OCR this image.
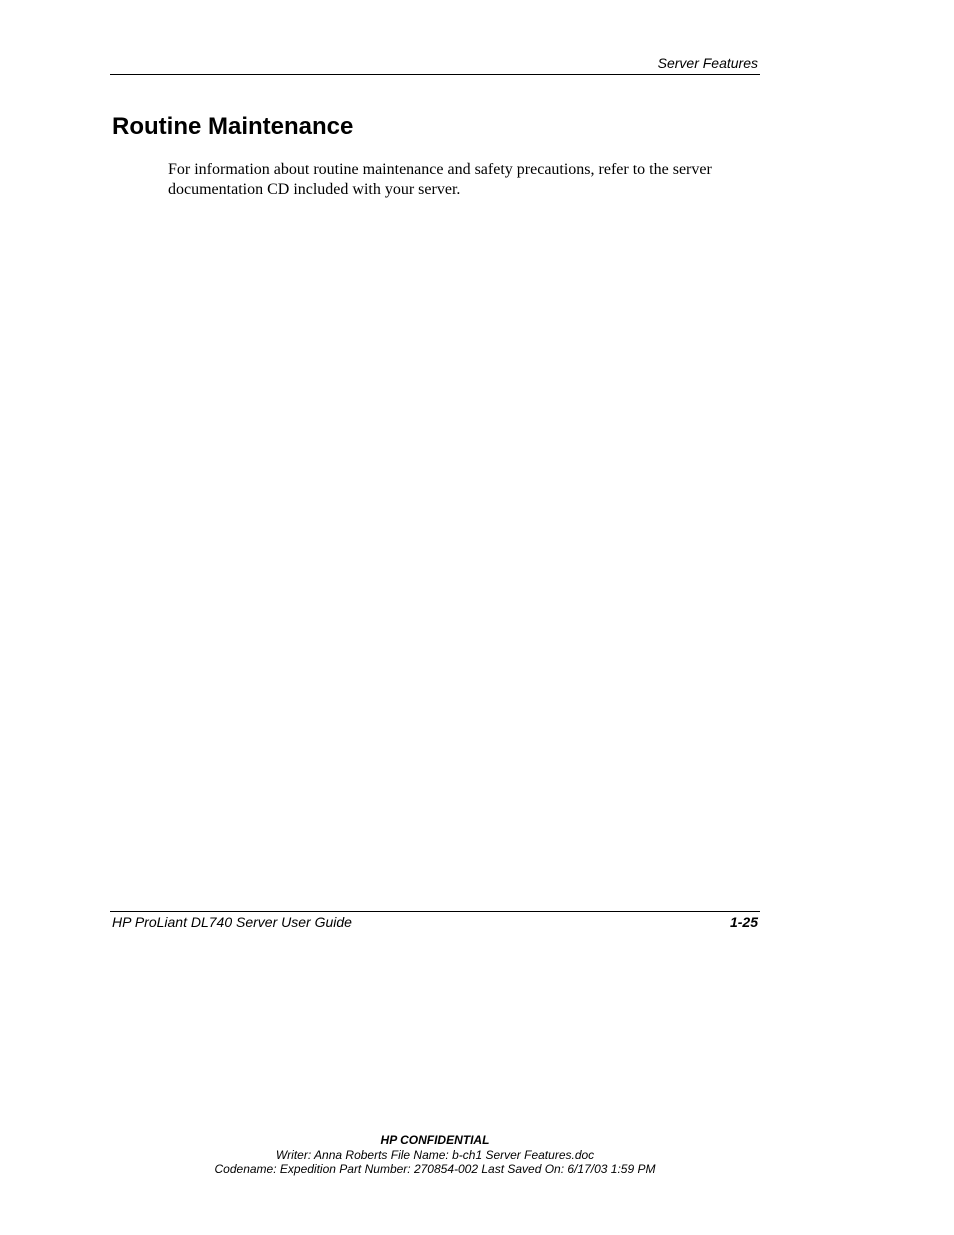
Server Features
Routine Maintenance

For information about routine maintenance and safety precautions, refer to the server documentation CD included with your server.

HP ProLiant DL740 Server User Guide	1-25
HP CONFIDENTIAL
Writer: Anna Roberts File Name: b-ch1 Server Features.doc
Codename: Expedition Part Number: 270854-002 Last Saved On: 6/17/03 1:59 PM
